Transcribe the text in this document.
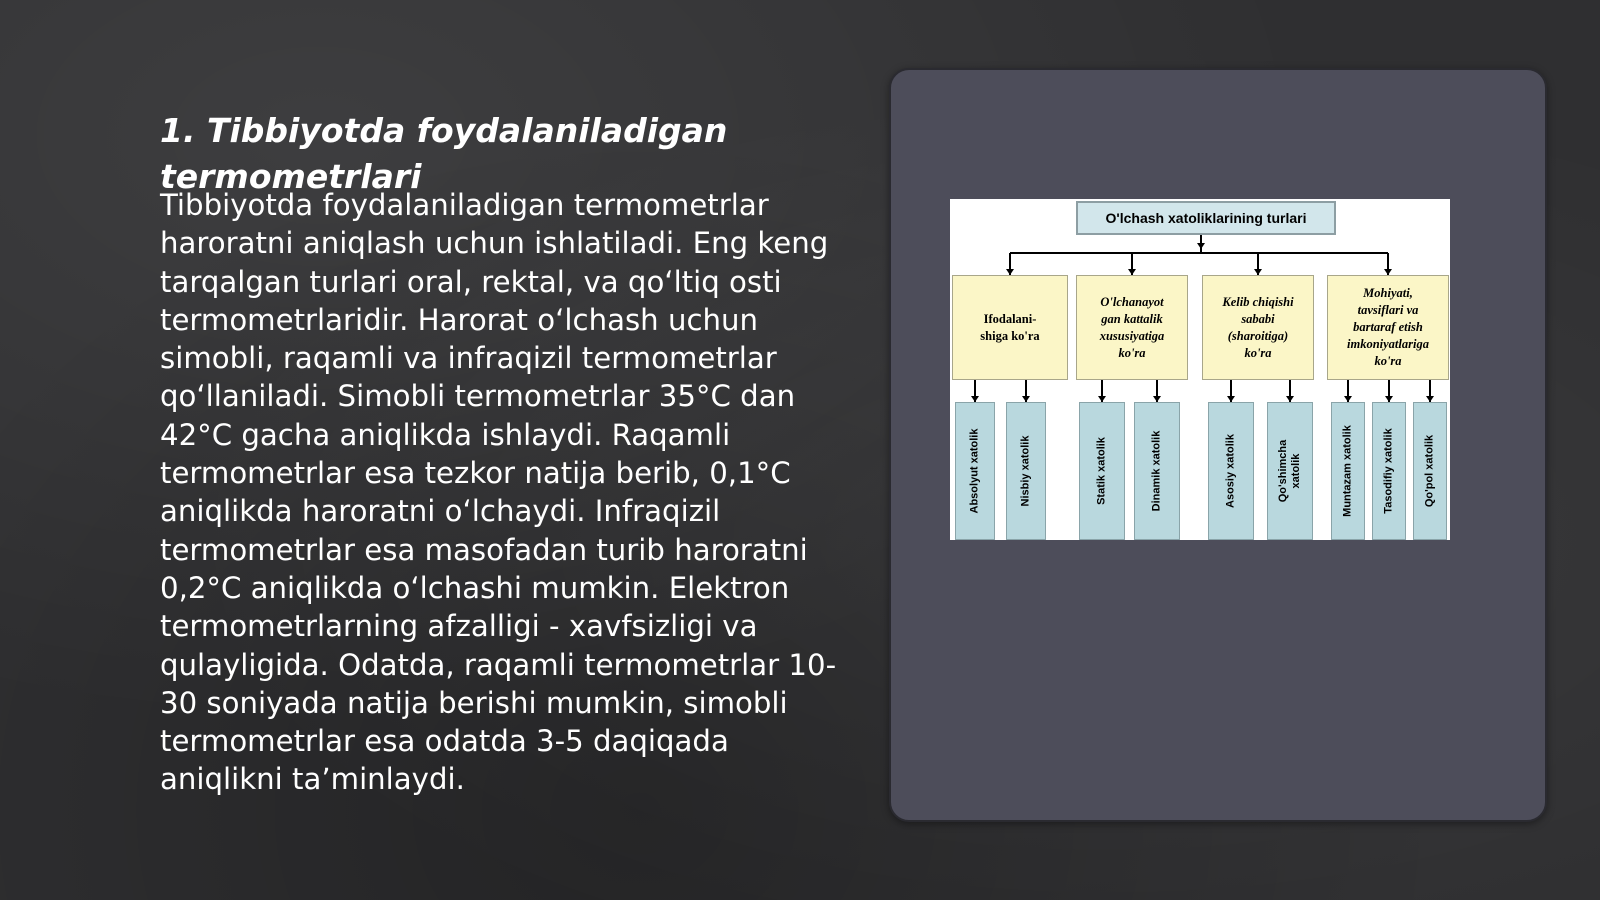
1. Tibbiyotda foydalaniladigan termometrlari

Tibbiyotda foydalaniladigan termometrlar haroratni aniqlash uchun ishlatiladi. Eng keng tarqalgan turlari oral, rektal, va qo‘ltiq osti termometrlaridir. Harorat o‘lchash uchun simobli, raqamli va infraqizil termometrlar qo‘llaniladi. Simobli termometrlar 35°C dan 42°C gacha aniqlikda ishlaydi. Raqamli termometrlar esa tezkor natija berib, 0,1°C aniqlikda haroratni o‘lchaydi. Infraqizil termometrlar esa masofadan turib haroratni 0,2°C aniqlikda o‘lchashi mumkin. Elektron termometrlarning afzalligi - xavfsizligi va qulayligida. Odatda, raqamli termometrlar 10-30 soniyada natija berishi mumkin, simobli termometrlar esa odatda 3-5 daqiqada aniqlikni ta’minlaydi.

O'lchash xatoliklarining turlari
Ifodalani-
shiga ko'ra
Absolyut xatolik	Nisbiy xatolik
O'lchanayot
gan kattalik
xususiyatiga
ko'ra
Statik xatolik	Dinamik xatolik
Kelib chiqishi
sababi
(sharoitiga)
ko'ra
Asosiy xatolik	Qo'shimcha
xatolik
Mohiyati,
tavsiflari va
bartaraf etish
imkoniyatlariga
ko'ra
Muntazam xatolik	Tasodifiy xatolik	Qo'pol xatolik
